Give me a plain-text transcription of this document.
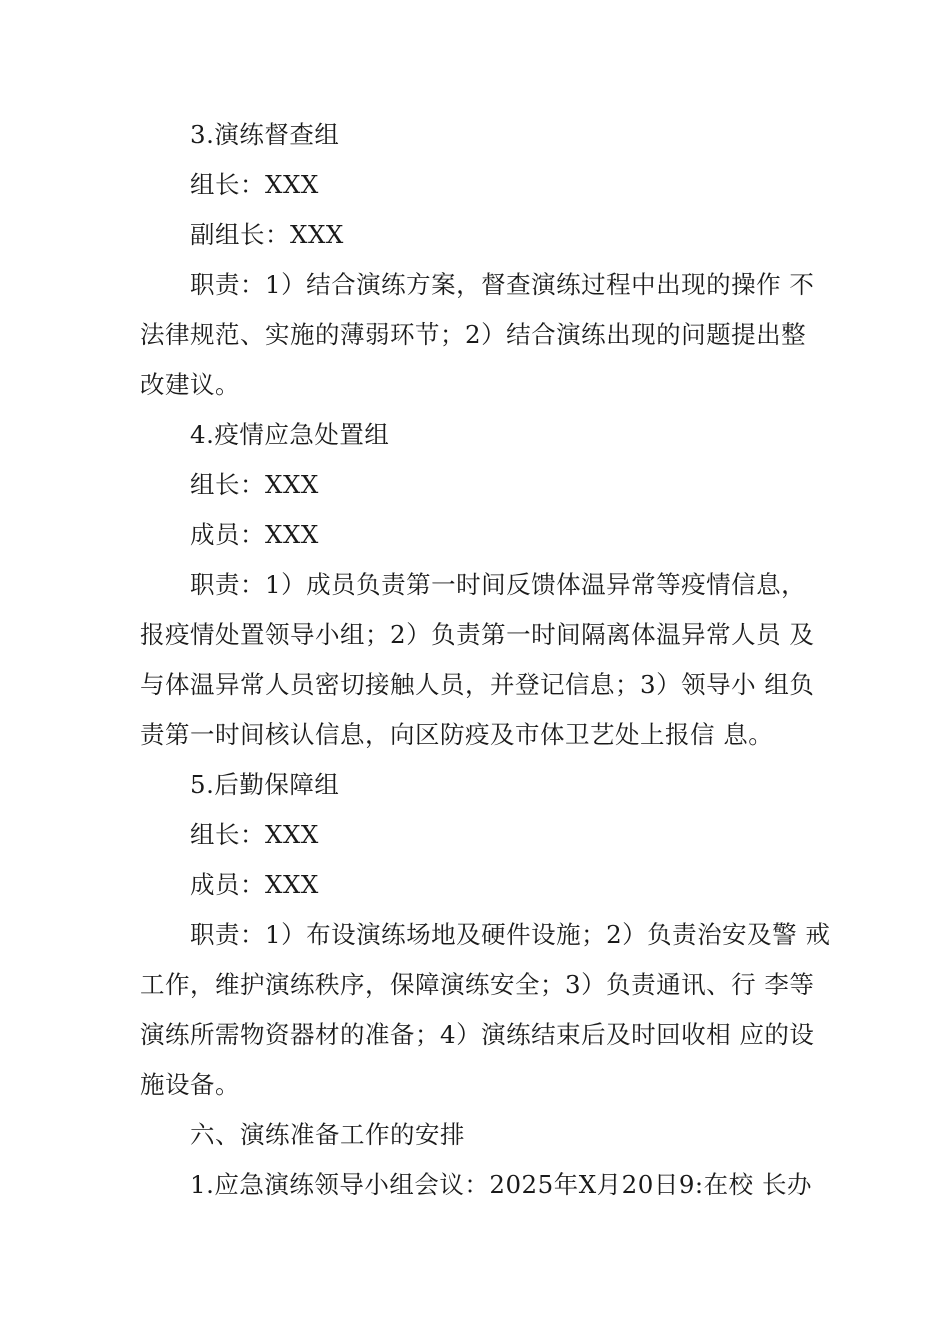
3.演练督查组
组长：XXX
副组长：XXX
职责：1）结合演练方案，督查演练过程中出现的操作 不
法律规范、实施的薄弱环节；2）结合演练出现的问题提出整
改建议。
4.疫情应急处置组
组长：XXX
成员：XXX
职责：1）成员负责第一时间反馈体温异常等疫情信息，
报疫情处置领导小组；2）负责第一时间隔离体温异常人员 及
与体温异常人员密切接触人员，并登记信息；3）领导小 组负
责第一时间核认信息，向区防疫及市体卫艺处上报信 息。
5.后勤保障组
组长：XXX
成员：XXX
职责：1）布设演练场地及硬件设施；2）负责治安及警 戒
工作，维护演练秩序，保障演练安全；3）负责通讯、行 李等
演练所需物资器材的准备；4）演练结束后及时回收相 应的设
施设备。
六、演练准备工作的安排
1.应急演练领导小组会议：2025年X月20日9:在校 长办
